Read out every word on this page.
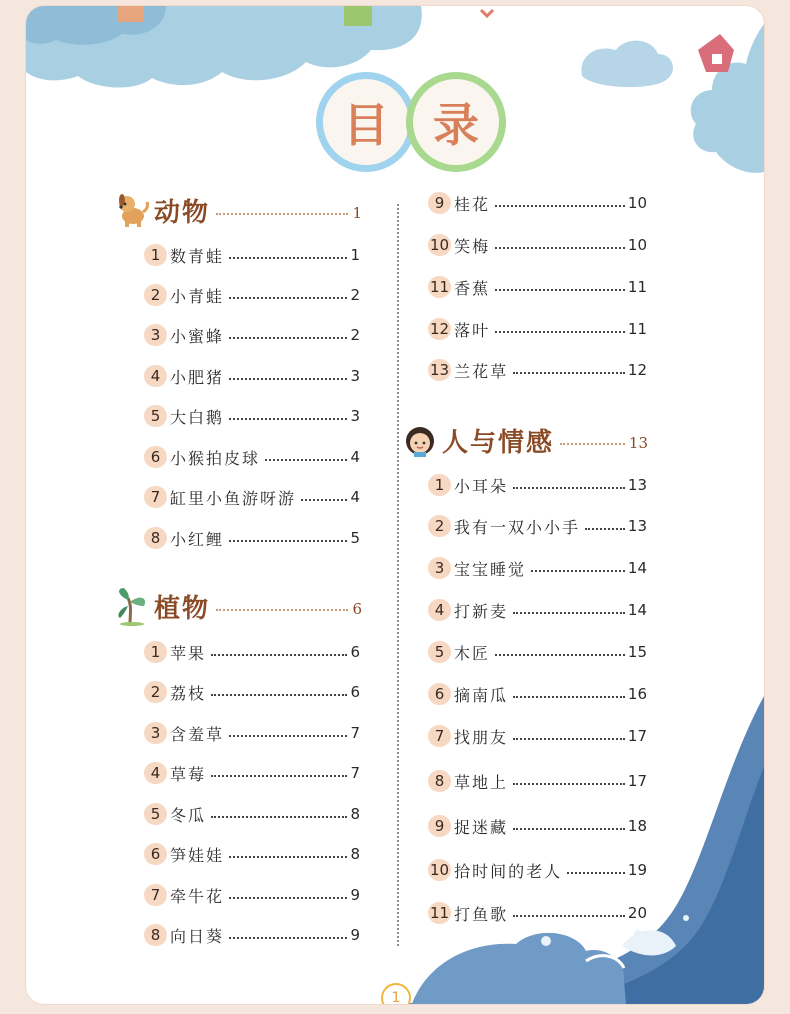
目 录
动物	1
1 数青蛙	1
2 小青蛙	2
3 小蜜蜂	2
4 小肥猪	3
5 大白鹅	3
6 小猴拍皮球	4
7 缸里小鱼游呀游	4
8 小红鲤	5
植物	6
1 苹果	6
2 荔枝	6
3 含羞草	7
4 草莓	7
5 冬瓜	8
6 笋娃娃	8
7 牵牛花	9
8 向日葵	9
9 桂花	10
10 笑梅	10
11 香蕉	11
12 落叶	11
13 兰花草	12
人与情感	13
1 小耳朵	13
2 我有一双小小手	13
3 宝宝睡觉	14
4 打新麦	14
5 木匠	15
6 摘南瓜	16
7 找朋友	17
8 草地上	17
9 捉迷藏	18
10 拾时间的老人	19
11 打鱼歌	20
1
